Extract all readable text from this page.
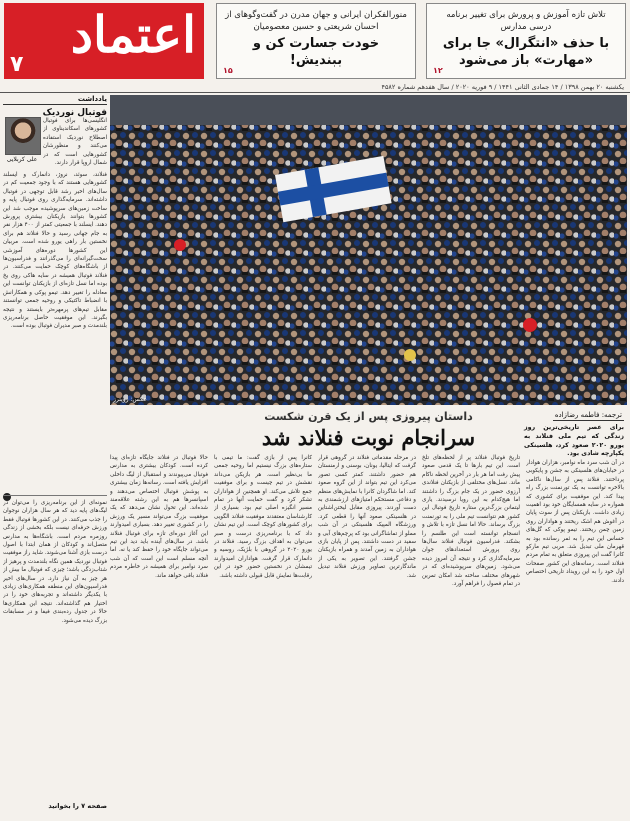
تلاش تازه آموزش و پرورش برای تغییر برنامه درسی مدارس
با حذف «انتگرال» جا برای «مهارت» باز می‌شود
۱۲
منورالفکران ایرانی و جهان مدرن در گفت‌وگوهای از احسان شریعتی و حسین معصومیان
خودت جسارت کن و ببندیش!
۱۵
اعتماد
۷
یکشنبه ۲۰ بهمن ۱۳۹۸ / ۱۴ جمادی الثانی ۱۴۴۱ / ۹ فوریه ۲۰۲۰ / سال هفدهم شماره ۴۵۸۲
یادداشت
فوتبال نوردیک
علی کربلایی
انگلیسی‌ها برای فوتبال کشورهای اسکاندیناوی از اصطلاح نوردیک استفاده می‌کنند و منظورشان کشورهایی است که در شمال اروپا قرار دارند.
فنلاند، سوئد، نروژ، دانمارک و ایسلند کشورهایی هستند که با وجود جمعیت کم در سال‌های اخیر رشد قابل توجهی در فوتبال داشته‌اند. سرمایه‌گذاری روی فوتبال پایه و ساخت زمین‌های سرپوشیده موجب شد این کشورها بتوانند بازیکنان بیشتری پرورش دهند. ایسلند با جمعیتی کمتر از ۴۰۰ هزار نفر به جام جهانی رسید و حالا فنلاند هم برای نخستین بار راهی یورو شده است. مربیان این کشورها دوره‌های آموزشی سخت‌گیرانه‌ای را می‌گذرانند و فدراسیون‌ها از باشگاه‌های کوچک حمایت می‌کنند. در فنلاند فوتبال همیشه در سایه هاکی روی یخ بوده اما نسل تازه‌ای از بازیکنان توانست این معادله را تغییر دهد. تیمو پوکی و همکارانش با انضباط تاکتیکی و روحیه جمعی توانستند مقابل تیم‌های پرمهره‌تر بایستند و نتیجه بگیرند. این موفقیت حاصل برنامه‌ریزی بلندمدت و صبر مدیران فوتبال بوده است.
نمونه‌ای از این برنامه‌ریزی را می‌توان در لیگ‌های پایه دید که هر سال هزاران نوجوان را جذب می‌کنند. در این کشورها فوتبال فقط ورزش حرفه‌ای نیست بلکه بخشی از زندگی روزمره مردم است. باشگاه‌ها به مدارس متصل‌اند و کودکان از همان ابتدا با اصول درست بازی آشنا می‌شوند. شاید راز موفقیت فوتبال نوردیک همین نگاه بلندمدت و پرهیز از شتاب‌زدگی باشد؛ چیزی که فوتبال ما بیش از هر چیز به آن نیاز دارد. در سال‌های اخیر فدراسیون‌های این منطقه همکاری‌های زیادی با یکدیگر داشته‌اند و تجربه‌های خود را در اختیار هم گذاشته‌اند. نتیجه این همکاری‌ها حالا در جدول رده‌بندی فیفا و در مسابقات بزرگ دیده می‌شود.
صفحه ۷ را بخوانید
عکس: رویترز
ترجمه: فاطمه رضازاده
داستان پیروزی پس از یک قرن شکست
سرانجام نوبت فنلاند شد	برای عصر تاریخی‌ترین روز زندگی که تیم ملی فنلاند به یورو ۲۰۲۰ صعود کرد، هلسینکی یکپارچه شادی بود.
در آن شب سرد ماه نوامبر، هزاران هوادار در خیابان‌های هلسینکی به جشن و پایکوبی پرداختند. فنلاند پس از سال‌ها ناکامی بالاخره توانست به یک تورنمنت بزرگ راه پیدا کند. این موفقیت برای کشوری که همواره در سایه همسایگان خود بود اهمیت زیادی داشت. بازیکنان پس از سوت پایان در آغوش هم اشک ریختند و هواداران روی زمین چمن ریختند. تیمو پوکی که گل‌های حساس این تیم را به ثمر رسانده بود به قهرمان ملی تبدیل شد. مربی تیم مارکو کانرا گفت این پیروزی متعلق به تمام مردم فنلاند است. رسانه‌های این کشور صفحات اول خود را به این رویداد تاریخی اختصاص دادند.
تاریخ فوتبال فنلاند پر از لحظه‌های تلخ است. این تیم بارها تا یک قدمی صعود پیش رفت اما هر بار در آخرین لحظه ناکام ماند. نسل‌های مختلفی از بازیکنان فنلاندی آرزوی حضور در یک جام بزرگ را داشتند اما هیچ‌کدام به این رویا نرسیدند. یاری لیتمانن بزرگ‌ترین ستاره تاریخ فوتبال این کشور هم نتوانست تیم ملی را به تورنمنت بزرگ برساند. حالا اما نسل تازه با تلاش و انسجام توانسته است این طلسم را بشکند. فدراسیون فوتبال فنلاند سال‌ها روی پرورش استعدادهای جوان سرمایه‌گذاری کرد و نتیجه آن امروز دیده می‌شود. زمین‌های سرپوشیده‌ای که در شهرهای مختلف ساخته شد امکان تمرین در تمام فصول را فراهم آورد.
در مرحله مقدماتی فنلاند در گروهی قرار گرفت که ایتالیا، یونان، بوسنی و ارمنستان هم حضور داشتند. کمتر کسی تصور می‌کرد این تیم بتواند از این گروه صعود کند. اما شاگردان کانرا با نمایش‌های منظم و دفاعی مستحکم امتیازهای ارزشمندی به دست آوردند. پیروزی مقابل لیختن‌اشتاین در هلسینکی صعود آنها را قطعی کرد. ورزشگاه المپیک هلسینکی در آن شب مملو از تماشاگرانی بود که پرچم‌های آبی و سفید در دست داشتند. پس از پایان بازی هواداران به زمین آمدند و همراه بازیکنان جشن گرفتند. این تصویر به یکی از ماندگارترین تصاویر ورزش فنلاند تبدیل شد.
کانرا پس از بازی گفت: ما تیمی با ستاره‌های بزرگ نیستیم اما روحیه جمعی ما بی‌نظیر است. هر بازیکن می‌داند نقشش در تیم چیست و برای موفقیت جمع تلاش می‌کند. او همچنین از هواداران تشکر کرد و گفت حمایت آنها در تمام مسیر انگیزه اصلی تیم بود. بسیاری از کارشناسان معتقدند موفقیت فنلاند الگویی برای کشورهای کوچک است. این تیم نشان داد که با برنامه‌ریزی درست و صبر می‌توان به اهداف بزرگ رسید. فنلاند در یورو ۲۰۲۰ در گروهی با بلژیک، روسیه و دانمارک قرار گرفت. هواداران امیدوارند تیمشان در نخستین حضور خود در این رقابت‌ها نمایش قابل قبولی داشته باشد.
حالا فوتبال در فنلاند جایگاه تازه‌ای پیدا کرده است. کودکان بیشتری به مدارس فوتبال می‌پیوندند و استقبال از لیگ داخلی افزایش یافته است. رسانه‌ها زمان بیشتری به پوشش فوتبال اختصاص می‌دهند و اسپانسرها هم به این رشته علاقه‌مند شده‌اند. این تحول نشان می‌دهد که یک موفقیت بزرگ می‌تواند مسیر یک ورزش را در کشوری تغییر دهد. بسیاری امیدوارند این آغاز دوره‌ای تازه برای فوتبال فنلاند باشد. در سال‌های آینده باید دید این تیم می‌تواند جایگاه خود را حفظ کند یا نه. اما آنچه مسلم است این است که آن شب سرد نوامبر برای همیشه در خاطره مردم فنلاند باقی خواهد ماند.
